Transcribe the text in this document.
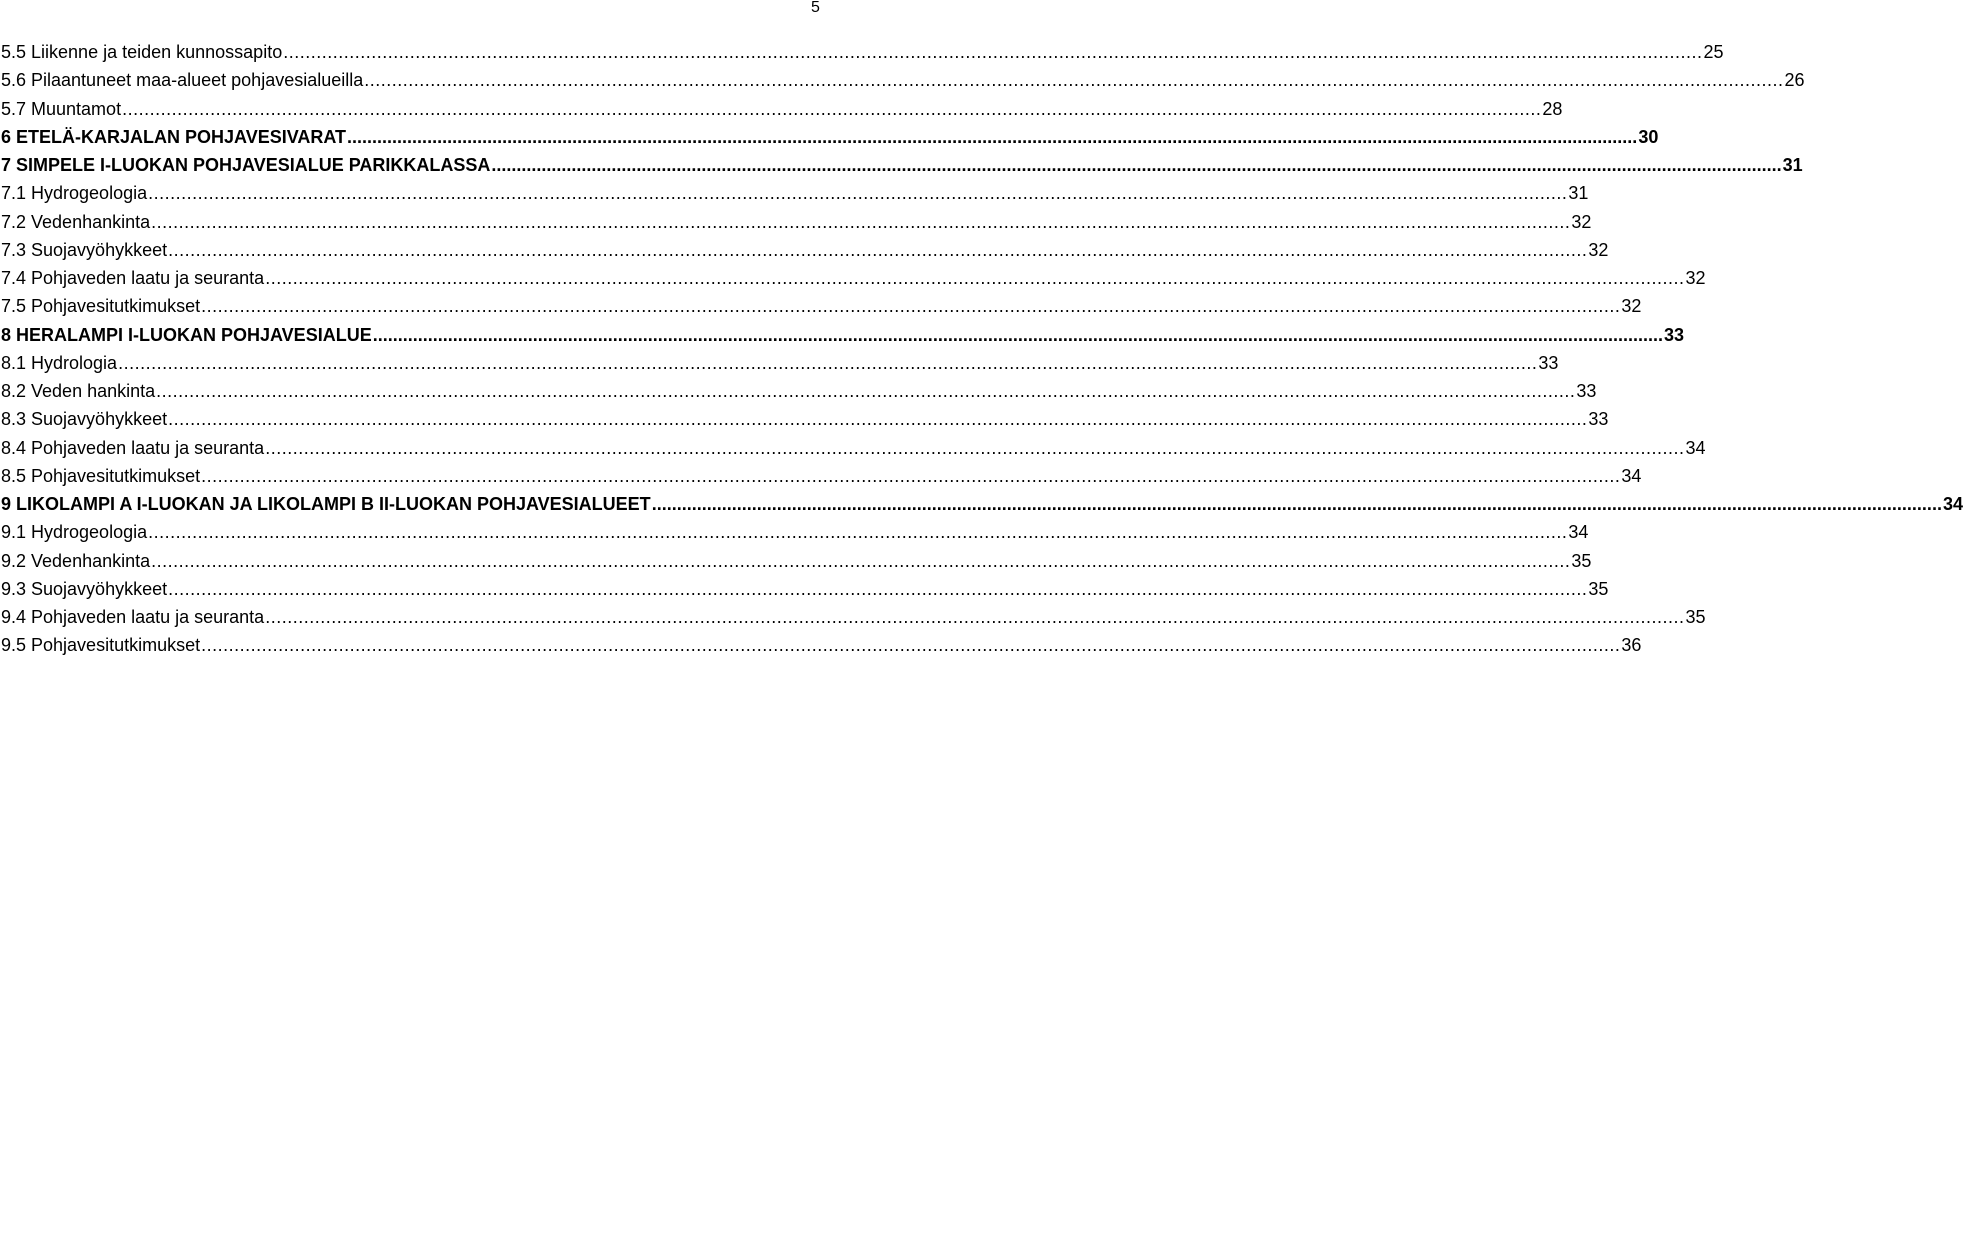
5
5.5 Liikenne ja teiden kunnossapito .....	25
5.6 Pilaantuneet maa-alueet pohjavesialueilla .....	26
5.7 Muuntamot .....	28
6 ETELÄ-KARJALAN POHJAVESIVARAT .....	30
7 SIMPELE I-LUOKAN POHJAVESIALUE PARIKKALASSA .....	31
7.1 Hydrogeologia .....	31
7.2 Vedenhankinta .....	32
7.3 Suojavyöhykkeet .....	32
7.4 Pohjaveden laatu ja seuranta .....	32
7.5 Pohjavesitutkimukset .....	32
8 HERALAMPI I-LUOKAN POHJAVESIALUE .....	33
8.1 Hydrologia .....	33
8.2 Veden hankinta .....	33
8.3 Suojavyöhykkeet .....	33
8.4 Pohjaveden laatu ja seuranta .....	34
8.5 Pohjavesitutkimukset .....	34
9 LIKOLAMPI A I-LUOKAN JA LIKOLAMPI B II-LUOKAN POHJAVESIALUEET .....	34
9.1 Hydrogeologia .....	34
9.2 Vedenhankinta .....	35
9.3 Suojavyöhykkeet .....	35
9.4 Pohjaveden laatu ja seuranta .....	35
9.5 Pohjavesitutkimukset .....	36
